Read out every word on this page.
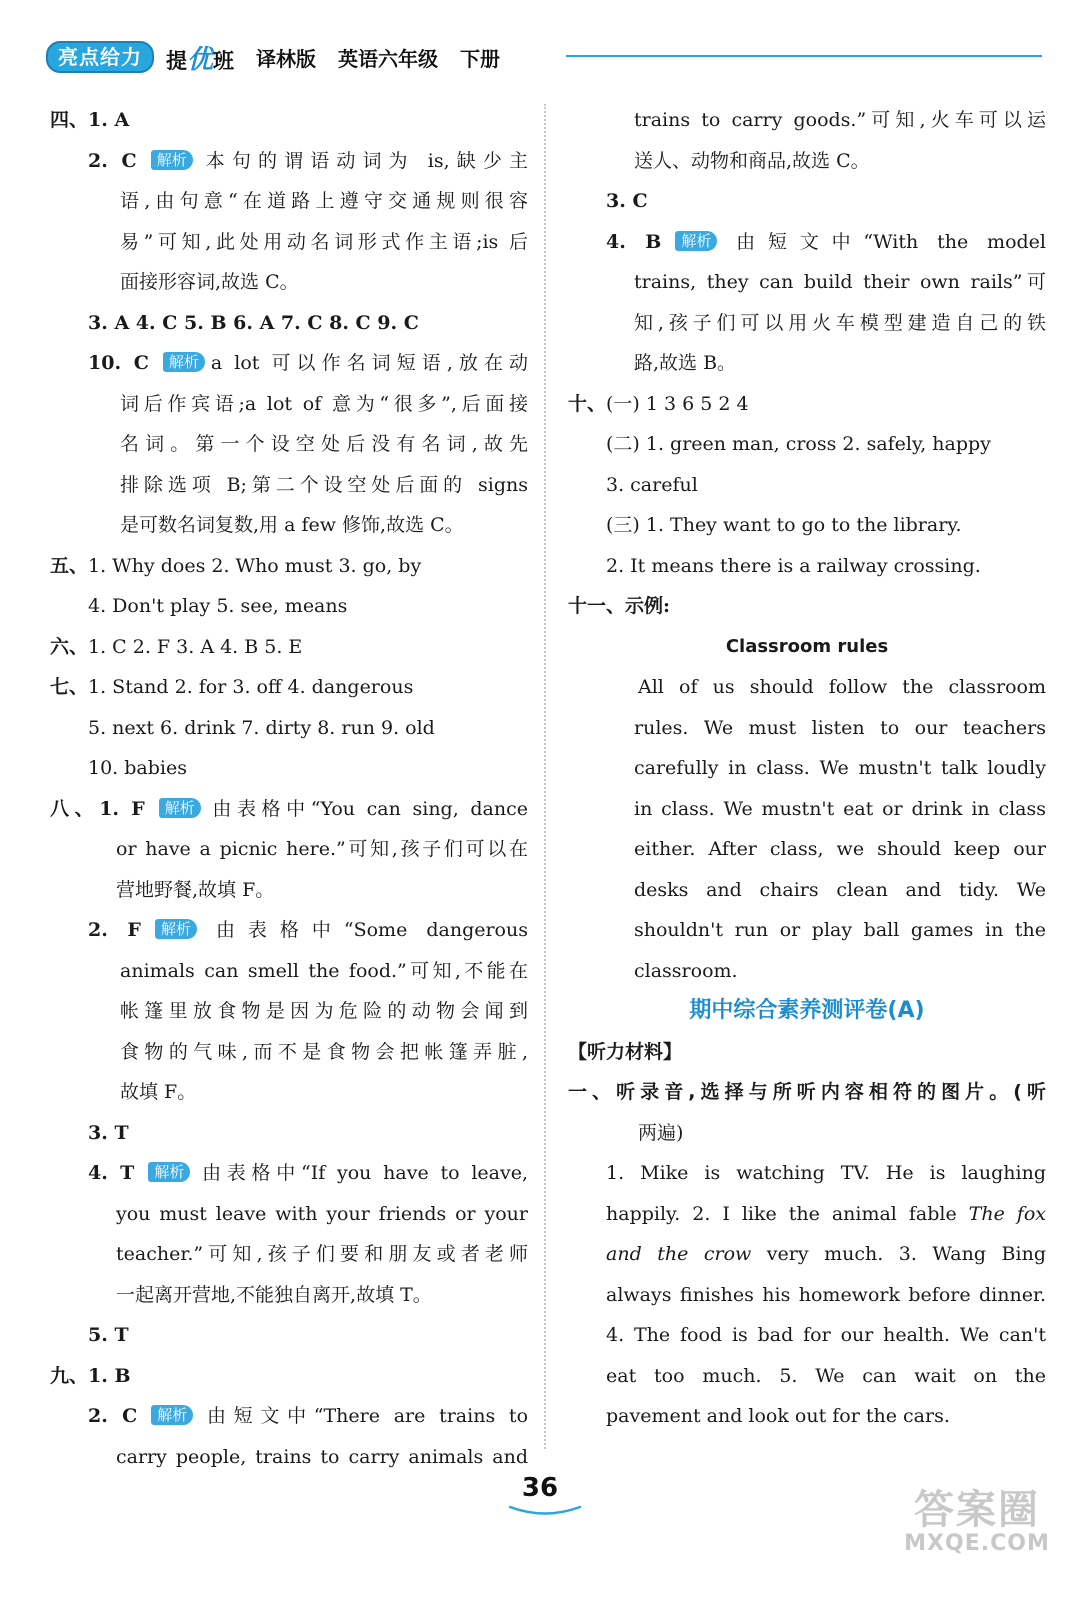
亮点给力	提优班 译林版 英语六年级 下册
四、1. A
2. C 解析 本句的谓语动词为 is,缺少主
语,由句意“在道路上遵守交通规则很容
易”可知,此处用动名词形式作主语;is 后
面接形容词,故选 C。
3. A 4. C 5. B 6. A 7. C 8. C 9. C
10. C 解析 a lot 可以作名词短语,放在动
词后作宾语;a lot of 意为“很多”,后面接
名词。第一个设空处后没有名词,故先
排除选项 B;第二个设空处后面的 signs
是可数名词复数,用 a few 修饰,故选 C。
五、1. Why does 2. Who must 3. go, by
4. Don't play 5. see, means
六、1. C 2. F 3. A 4. B 5. E
七、1. Stand 2. for 3. off 4. dangerous
5. next 6. drink 7. dirty 8. run 9. old
10. babies
八、1. F 解析 由表格中“You can sing, dance
or have a picnic here.”可知,孩子们可以在
营地野餐,故填 F。
2. F 解析 由表格中“Some dangerous
animals can smell the food.”可知,不能在
帐篷里放食物是因为危险的动物会闻到
食物的气味,而不是食物会把帐篷弄脏,
故填 F。
3. T
4. T 解析 由表格中“If you have to leave,
you must leave with your friends or your
teacher.”可知,孩子们要和朋友或者老师
一起离开营地,不能独自离开,故填 T。
5. T
九、1. B
2. C 解析 由短文中“There are trains to
carry people, trains to carry animals and
trains to carry goods.”可知,火车可以运
送人、动物和商品,故选 C。
3. C
4. B 解析 由短文中“With the model
trains, they can build their own rails”可
知,孩子们可以用火车模型建造自己的铁
路,故选 B。
十、(一) 1 3 6 5 2 4
(二) 1. green man, cross 2. safely, happy
3. careful
(三) 1. They want to go to the library.
2. It means there is a railway crossing.
十一、示例:
Classroom rules
All of us should follow the classroom
rules. We must listen to our teachers
carefully in class. We mustn't talk loudly
in class. We mustn't eat or drink in class
either. After class, we should keep our
desks and chairs clean and tidy. We
shouldn't run or play ball games in the
classroom.
期中综合素养测评卷(A)
【听力材料】
一、听录音,选择与所听内容相符的图片。(听
两遍)
1. Mike is watching TV. He is laughing
happily. 2. I like the animal fable The fox
and the crow very much. 3. Wang Bing
always finishes his homework before dinner.
4. The food is bad for our health. We can't
eat too much. 5. We can wait on the
pavement and look out for the cars.
36	答案圈
MXQE.COM
